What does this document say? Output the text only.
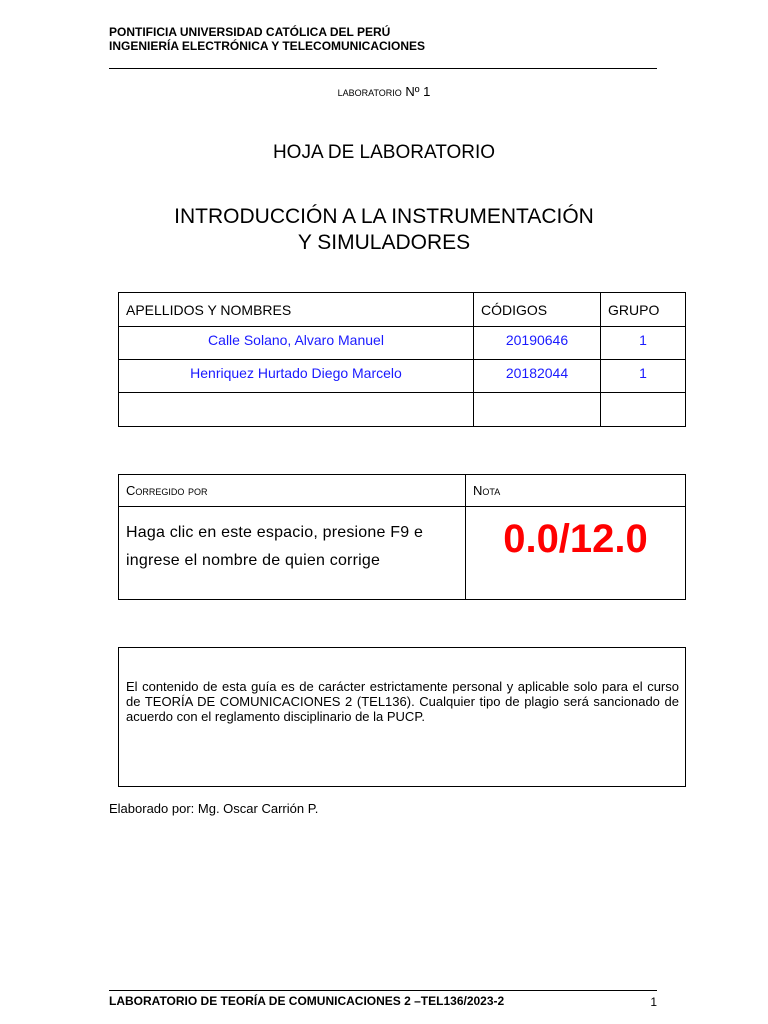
PONTIFICIA UNIVERSIDAD CATÓLICA DEL PERÚ
INGENIERÍA ELECTRÓNICA Y TELECOMUNICACIONES
laboratorio Nº 1
HOJA DE LABORATORIO
INTRODUCCIÓN A LA INSTRUMENTACIÓN
Y SIMULADORES
APELLIDOS Y NOMBRES	CÓDIGOS	GRUPO
Calle Solano, Alvaro Manuel	20190646	1
Henriquez Hurtado Diego Marcelo	20182044	1

Corregido por	Nota
Haga clic en este espacio, presione F9 e ingrese el nombre de quien corrige	0.0/12.0
El contenido de esta guía es de carácter estrictamente personal y aplicable solo para el curso de TEORÍA DE COMUNICACIONES 2 (TEL136). Cualquier tipo de plagio será sancionado de acuerdo con el reglamento disciplinario de la PUCP.
Elaborado por: Mg. Oscar Carrión P.
LABORATORIO DE TEORÍA DE COMUNICACIONES 2 –TEL136/2023-2	1
